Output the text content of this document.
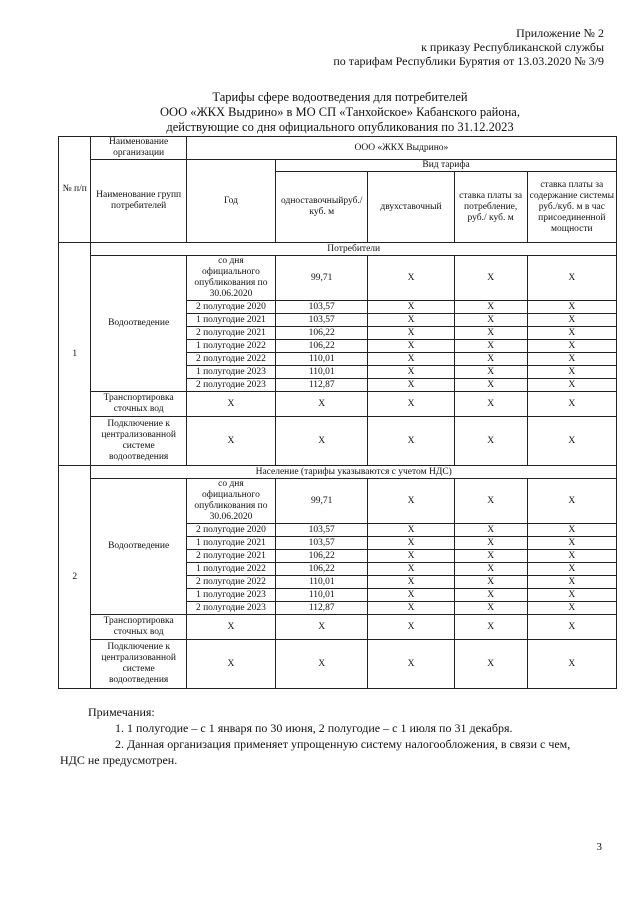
Приложение № 2
к приказу Республиканской службы
по тарифам Республики Бурятия от 13.03.2020 № 3/9
Тарифы сфере водоотведения для потребителей
ООО «ЖКХ Выдрино» в МО СП «Танхойское» Кабанского района,
действующие со дня официального опубликования по 31.12.2023
№ п/п	Наименование организации	ООО «ЖКХ Выдрино»				
	Наименование групп потребителей	Год	Вид тарифа			
			одноставочныйруб./ куб. м	двухставочный	ставка платы за потребление, руб./ куб. м	ставка платы за содержание системы руб./куб. м в час присоединенной мощности
1	Потребители					
	Водоотведение	со дня официального опубликования по 30.06.2020	99,71	Х	Х	Х
		2 полугодие 2020	103,57	Х	Х	Х
		1 полугодие 2021	103,57	Х	Х	Х
		2 полугодие 2021	106,22	Х	Х	Х
		1 полугодие 2022	106,22	Х	Х	Х
		2 полугодие 2022	110,01	Х	Х	Х
		1 полугодие 2023	110,01	Х	Х	Х
		2 полугодие 2023	112,87	Х	Х	Х
	Транспортировка сточных вод	Х	Х	Х	Х	Х
	Подключение к централизованной системе водоотведения	Х	Х	Х	Х	Х
2	Население (тарифы указываются с учетом НДС)					
	Водоотведение	со дня официального опубликования по 30.06.2020	99,71	Х	Х	Х
		2 полугодие 2020	103,57	Х	Х	Х
		1 полугодие 2021	103,57	Х	Х	Х
		2 полугодие 2021	106,22	Х	Х	Х
		1 полугодие 2022	106,22	Х	Х	Х
		2 полугодие 2022	110,01	Х	Х	Х
		1 полугодие 2023	110,01	Х	Х	Х
		2 полугодие 2023	112,87	Х	Х	Х
	Транспортировка сточных вод	Х	Х	Х	Х	Х
	Подключение к централизованной системе водоотведения	Х	Х	Х	Х	Х

Примечания:

1. 1 полугодие – с 1 января по 30 июня, 2 полугодие – с 1 июля по 31 декабря.

2. Данная организация применяет упрощенную систему налогообложения, в связи с чем,

НДС не предусмотрен.

3
